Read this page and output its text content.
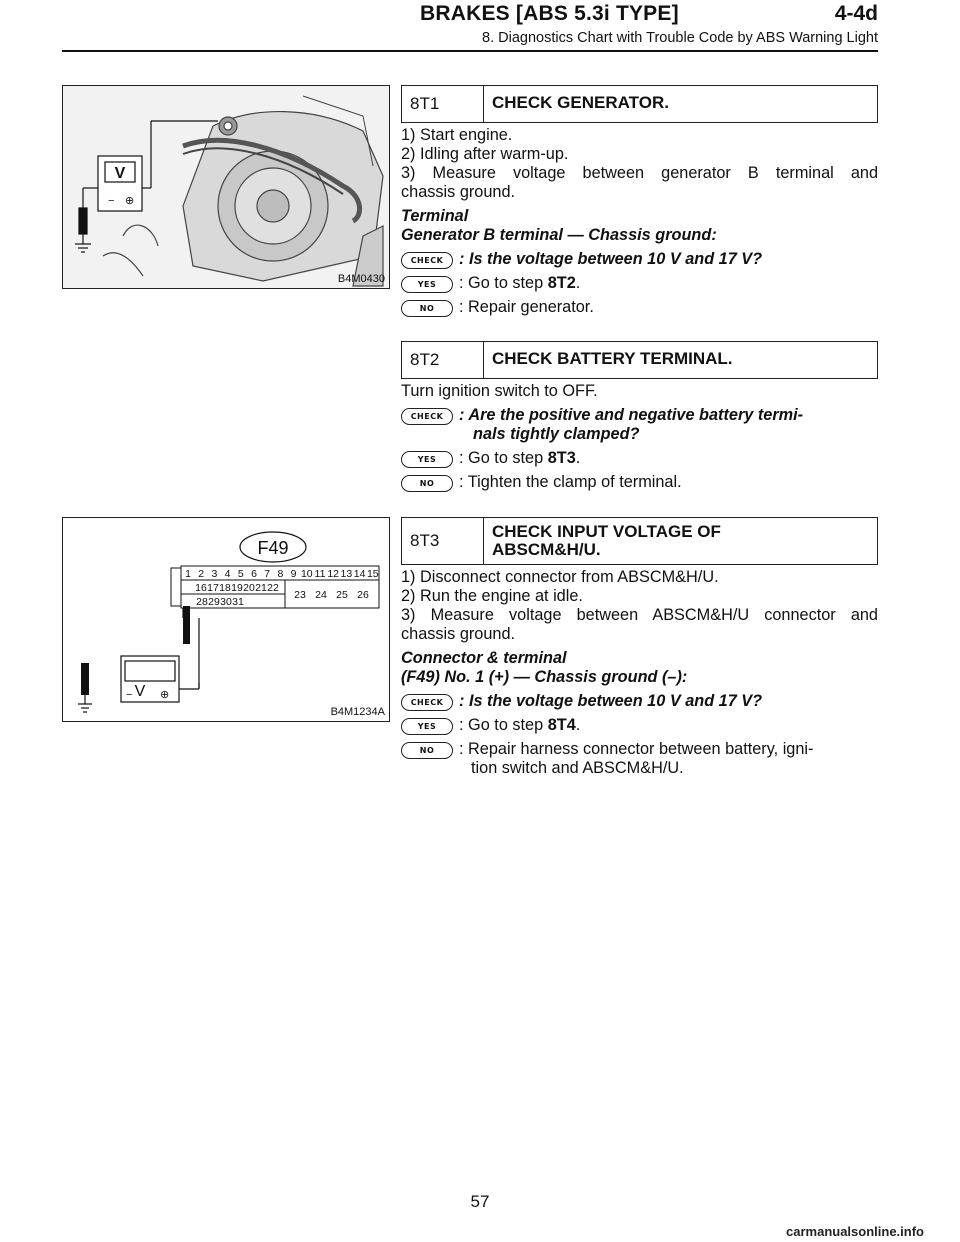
BRAKES [ABS 5.3i TYPE]	4-4d
8. Diagnostics Chart with Trouble Code by ABS Warning Light
V
− ⊕
B4M0430
F49
1 2 3 4 5 6 7 8 9 10 11 12 13 14 15
16 17 18 19 20 21 22
23 24 25 26
28 29 30 31
V
−	⊕
B4M1234A
8T1	CHECK GENERATOR.
1) Start engine.
2) Idling after warm-up.
3) Measure voltage between generator B terminal and
chassis ground.
Terminal
Generator B terminal — Chassis ground:
CHECK : Is the voltage between 10 V and 17 V?
YES	: Go to step 8T2.
NO	: Repair generator.
8T2	CHECK BATTERY TERMINAL.
Turn ignition switch to OFF.
CHECK : Are the positive and negative battery termi-
nals tightly clamped?
YES	: Go to step 8T3.
NO	: Tighten the clamp of terminal.
8T3	CHECK INPUT VOLTAGE OF
ABSCM&H/U.
1) Disconnect connector from ABSCM&H/U.
2) Run the engine at idle.
3) Measure voltage between ABSCM&H/U connector and
chassis ground.
Connector & terminal
(F49) No. 1 (+) — Chassis ground (–):
CHECK : Is the voltage between 10 V and 17 V?
YES	: Go to step 8T4.
NO	: Repair harness connector between battery, igni-
tion switch and ABSCM&H/U.
57
carmanualsonline.info
